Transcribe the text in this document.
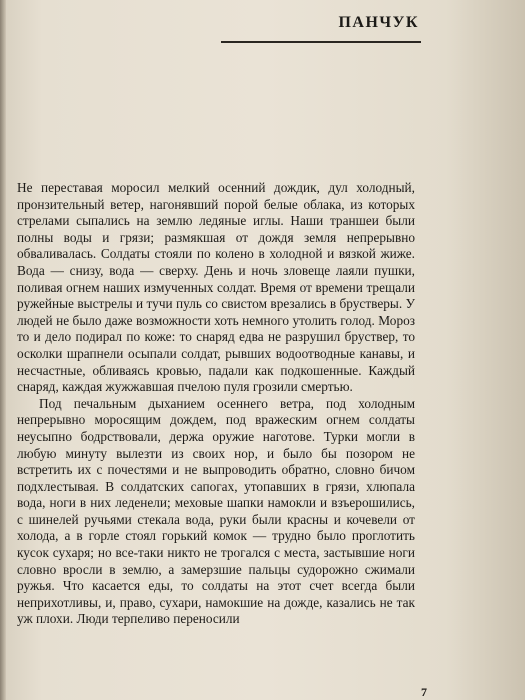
ПАНЧУК

Не переставая моросил мелкий осенний дождик, дул холодный, пронзительный ветер, нагонявший порой белые облака, из которых стрелами сыпались на землю ледяные иглы. Наши траншеи были полны воды и грязи; размякшая от дождя земля непрерывно обваливалась. Солдаты стояли по колено в холодной и вязкой жиже. Вода — снизу, вода — сверху. День и ночь зловеще лаяли пушки, поливая огнем наших измученных солдат. Время от времени трещали ружейные выстрелы и тучи пуль со свистом врезались в брустверы. У людей не было даже возможности хоть немного утолить голод. Мороз то и дело подирал по коже: то снаряд едва не разрушил бруствер, то осколки шрапнели осыпали солдат, рывших водоотводные канавы, и несчастные, обливаясь кровью, падали как подкошенные. Каждый снаряд, каждая жужжавшая пчелою пуля грозили смертью.

Под печальным дыханием осеннего ветра, под холодным непрерывно моросящим дождем, под вражеским огнем солдаты неусыпно бодрствовали, держа оружие наготове. Турки могли в любую минуту вылезти из своих нор, и было бы позором не встретить их с почестями и не выпроводить обратно, словно бичом подхлестывая. В солдатских сапогах, утопавших в грязи, хлюпала вода, ноги в них леденели; меховые шапки намокли и взъерошились, с шинелей ручьями стекала вода, руки были красны и кочевели от холода, а в горле стоял горький комок — трудно было проглотить кусок сухаря; но все-таки никто не трогался с места, застывшие ноги словно вросли в землю, а замерзшие пальцы судорожно сжимали ружья. Что касается еды, то солдаты на этот счет всегда были неприхотливы, и, право, сухари, намокшие на дожде, казались не так уж плохи. Люди терпеливо переносили

7
